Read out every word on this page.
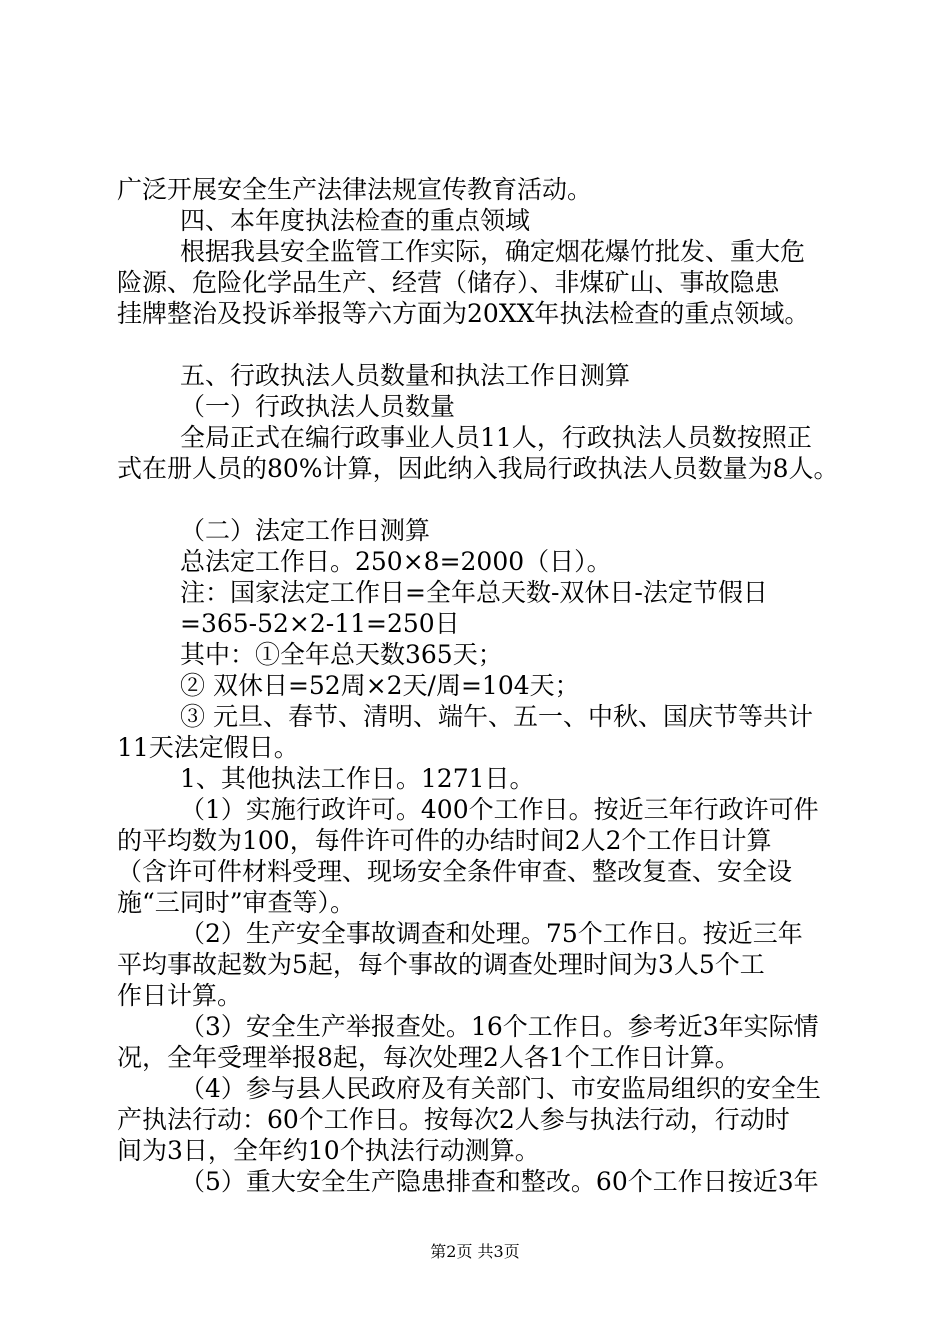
广泛开展安全生产法律法规宣传教育活动。
四、本年度执法检查的重点领域
根据我县安全监管工作实际，确定烟花爆竹批发、重大危
险源、危险化学品生产、经营（储存）、非煤矿山、事故隐患
挂牌整治及投诉举报等六方面为20XX年执法检查的重点领域。
五、行政执法人员数量和执法工作日测算
（一）行政执法人员数量
全局正式在编行政事业人员11人，行政执法人员数按照正
式在册人员的80%计算，因此纳入我局行政执法人员数量为8人。
（二）法定工作日测算
总法定工作日。250×8=2000（日）。
注：国家法定工作日=全年总天数-双休日-法定节假日
=365-52×2-11=250日
其中：①全年总天数365天；
② 双休日=52周×2天/周=104天；
③ 元旦、春节、清明、端午、五一、中秋、国庆节等共计
11天法定假日。
1、其他执法工作日。1271日。
（1）实施行政许可。400个工作日。按近三年行政许可件
的平均数为100，每件许可件的办结时间2人2个工作日计算
（含许可件材料受理、现场安全条件审查、整改复查、安全设
施“三同时”审查等）。
（2）生产安全事故调查和处理。75个工作日。按近三年
平均事故起数为5起，每个事故的调查处理时间为3人5个工
作日计算。
（3）安全生产举报查处。16个工作日。参考近3年实际情
况，全年受理举报8起，每次处理2人各1个工作日计算。
（4）参与县人民政府及有关部门、市安监局组织的安全生
产执法行动：60个工作日。按每次2人参与执法行动，行动时
间为3日，全年约10个执法行动测算。
（5）重大安全生产隐患排查和整改。60个工作日按近3年
第2页 共3页
